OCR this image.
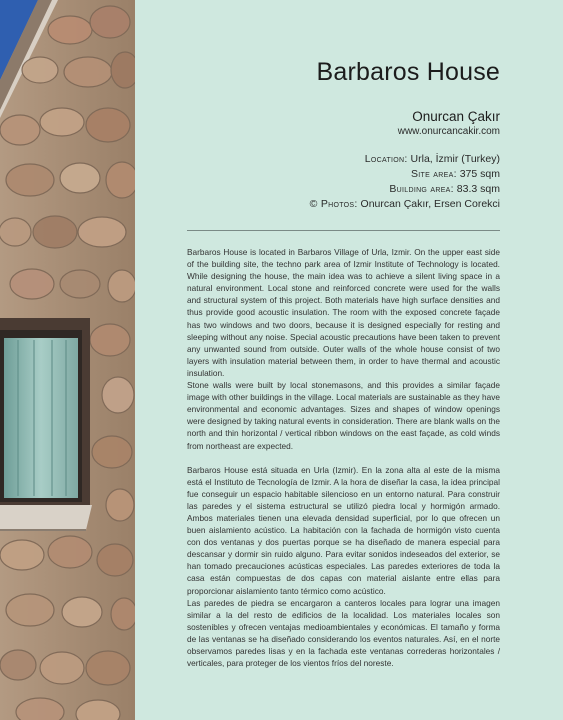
Barbaros House
Onurcan Çakır
www.onurcancakir.com
Location: Urla, İzmir (Turkey)
Site area: 375 sqm
Building area: 83.3 sqm
© Photos: Onurcan Çakır, Ersen Corekci

Barbaros House is located in Barbaros Village of Urla, Izmir. On the upper east side of the building site, the techno park area of Izmir Institute of Technology is located. While designing the house, the main idea was to achieve a silent living space in a natural environment. Local stone and reinforced concrete were used for the walls and structural system of this project. Both materials have high surface densities and thus provide good acoustic insulation. The room with the exposed concrete façade has two windows and two doors, because it is designed especially for resting and sleeping without any noise. Special acoustic precautions have been taken to prevent any unwanted sound from outside. Outer walls of the whole house consist of two layers with insulation material between them, in order to have thermal and acoustic insulation.

Stone walls were built by local stonemasons, and this provides a similar façade image with other buildings in the village. Local materials are sustainable as they have environmental and economic advantages. Sizes and shapes of window openings were designed by taking natural events in consideration. There are blank walls on the north and thin horizontal / vertical ribbon windows on the east façade, as cold winds from northeast are expected.

Barbaros House está situada en Urla (Izmir). En la zona alta al este de la misma está el Instituto de Tecnología de Izmir. A la hora de diseñar la casa, la idea principal fue conseguir un espacio habitable silencioso en un entorno natural. Para construir las paredes y el sistema estructural se utilizó piedra local y hormigón armado. Ambos materiales tienen una elevada densidad superficial, por lo que ofrecen un buen aislamiento acústico. La habitación con la fachada de hormigón visto cuenta con dos ventanas y dos puertas porque se ha diseñado de manera especial para descansar y dormir sin ruido alguno. Para evitar sonidos indeseados del exterior, se han tomado precauciones acústicas especiales. Las paredes exteriores de toda la casa están compuestas de dos capas con material aislante entre ellas para proporcionar aislamiento tanto térmico como acústico.

Las paredes de piedra se encargaron a canteros locales para lograr una imagen similar a la del resto de edificios de la localidad. Los materiales locales son sostenibles y ofrecen ventajas medioambientales y económicas. El tamaño y forma de las ventanas se ha diseñado considerando los eventos naturales. Así, en el norte observamos paredes lisas y en la fachada este ventanas correderas horizontales / verticales, para proteger de los vientos fríos del noreste.
